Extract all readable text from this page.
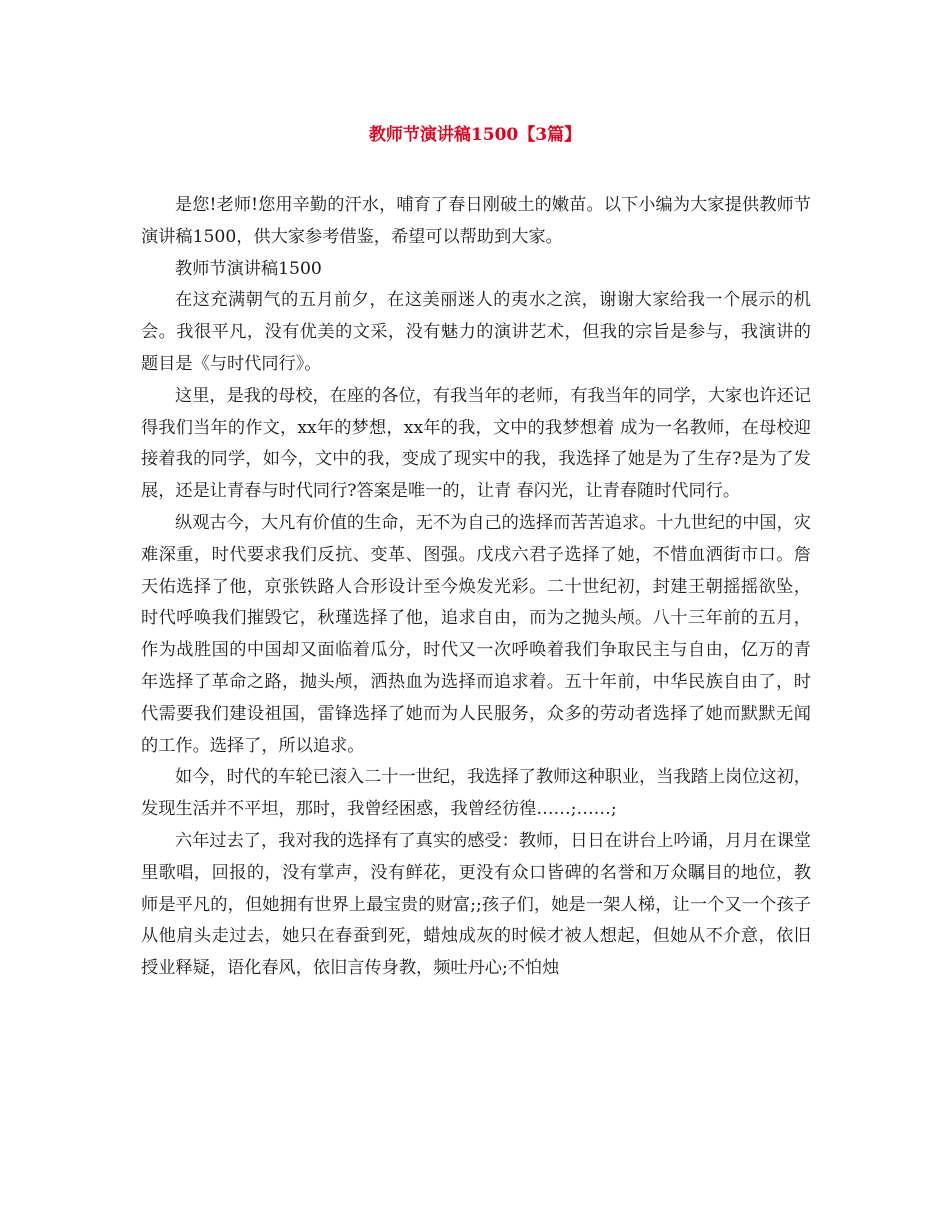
教师节演讲稿1500【3篇】

是您!老师!您用辛勤的汗水，哺育了春日刚破土的嫩苗。以下小编为大家提供教师节演讲稿1500，供大家参考借鉴，希望可以帮助到大家。

教师节演讲稿1500

在这充满朝气的五月前夕，在这美丽迷人的夷水之滨，谢谢大家给我一个展示的机会。我很平凡，没有优美的文采，没有魅力的演讲艺术，但我的宗旨是参与，我演讲的题目是《与时代同行》。

这里，是我的母校，在座的各位，有我当年的老师，有我当年的同学，大家也许还记得我们当年的作文，xx年的梦想，xx年的我，文中的我梦想着 成为一名教师，在母校迎接着我的同学，如今，文中的我，变成了现实中的我，我选择了她是为了生存?是为了发展，还是让青春与时代同行?答案是唯一的，让青 春闪光，让青春随时代同行。

纵观古今，大凡有价值的生命，无不为自己的选择而苦苦追求。十九世纪的中国，灾难深重，时代要求我们反抗、变革、图强。戊戌六君子选择了她，不惜血洒街市口。詹天佑选择了他，京张铁路人合形设计至今焕发光彩。二十世纪初，封建王朝摇摇欲坠，时代呼唤我们摧毁它，秋瑾选择了他，追求自由，而为之抛头颅。八十三年前的五月，作为战胜国的中国却又面临着瓜分，时代又一次呼唤着我们争取民主与自由，亿万的青年选择了革命之路，抛头颅，洒热血为选择而追求着。五十年前，中华民族自由了，时代需要我们建设祖国，雷锋选择了她而为人民服务，众多的劳动者选择了她而默默无闻的工作。选择了，所以追求。

如今，时代的车轮已滚入二十一世纪，我选择了教师这种职业，当我踏上岗位这初，发现生活并不平坦，那时，我曾经困惑，我曾经彷徨……;……;

六年过去了，我对我的选择有了真实的感受：教师，日日在讲台上吟诵，月月在课堂里歌唱，回报的，没有掌声，没有鲜花，更没有众口皆碑的名誉和万众瞩目的地位，教师是平凡的，但她拥有世界上最宝贵的财富;;孩子们，她是一架人梯，让一个又一个孩子从他肩头走过去，她只在春蚕到死，蜡烛成灰的时候才被人想起，但她从不介意，依旧授业释疑，语化春风，依旧言传身教，频吐丹心;不怕烛
